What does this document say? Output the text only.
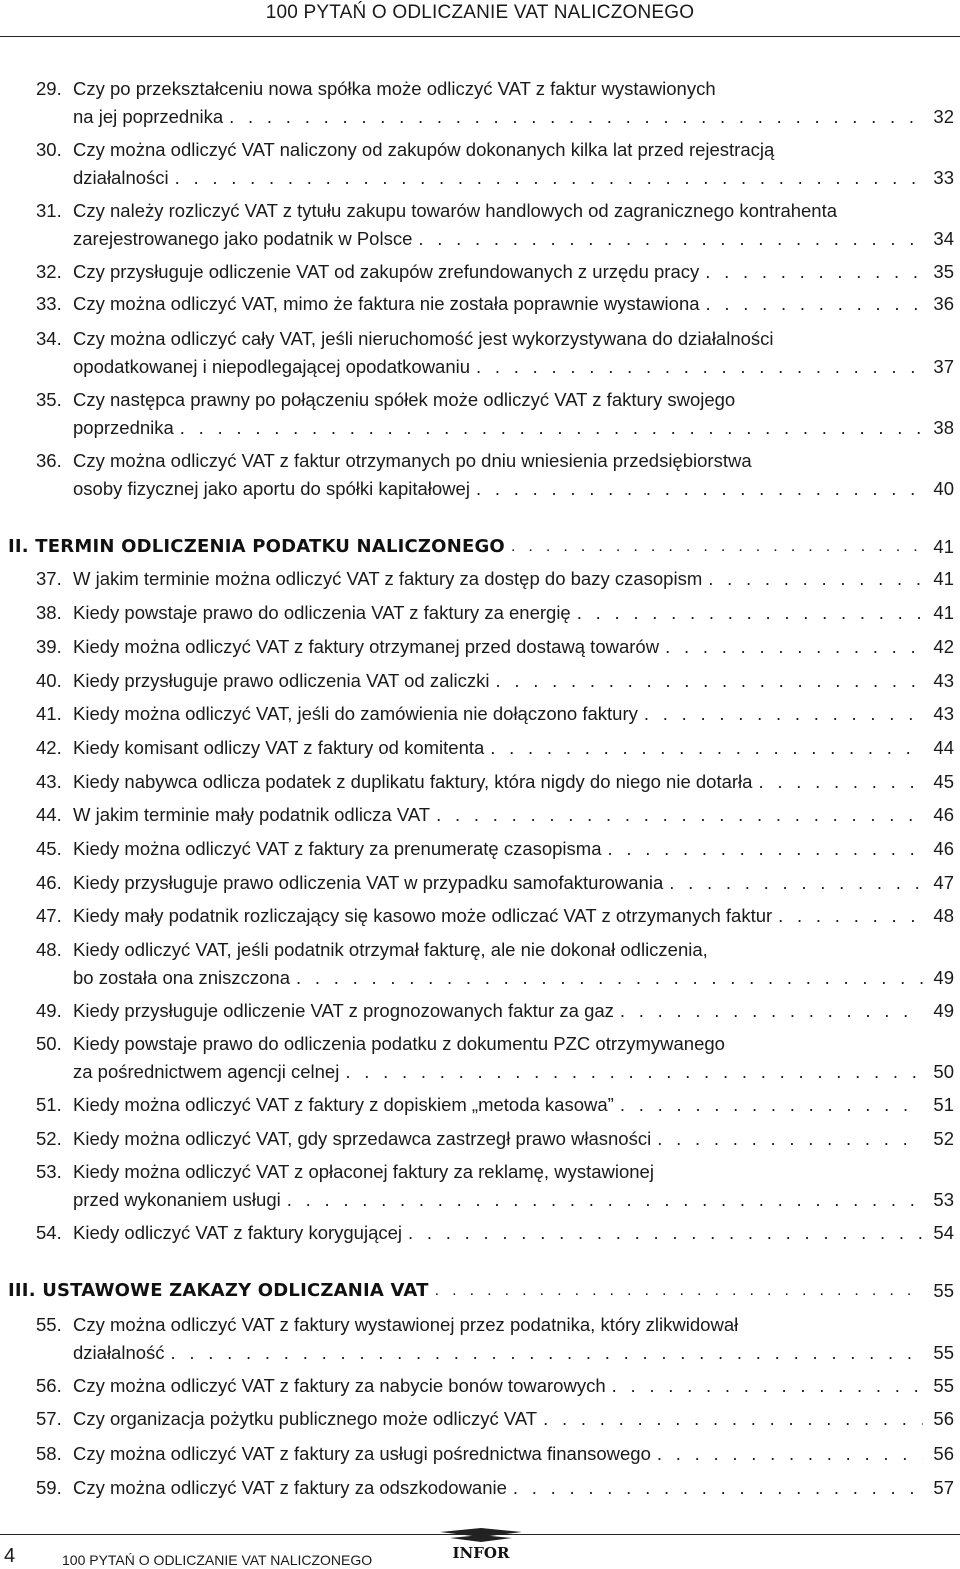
100 PYTAŃ O ODLICZANIE VAT NALICZONEGO
29. Czy po przekształceniu nowa spółka może odliczyć VAT z faktur wystawionych
na jej poprzednika . . .	32
30. Czy można odliczyć VAT naliczony od zakupów dokonanych kilka lat przed rejestracją
działalności . . .	33
31. Czy należy rozliczyć VAT z tytułu zakupu towarów handlowych od zagranicznego kontrahenta
zarejestrowanego jako podatnik w Polsce . . .	34
32. Czy przysługuje odliczenie VAT od zakupów zrefundowanych z urzędu pracy . . .	35
33. Czy można odliczyć VAT, mimo że faktura nie została poprawnie wystawiona . . .	36
34. Czy można odliczyć cały VAT, jeśli nieruchomość jest wykorzystywana do działalności
opodatkowanej i niepodlegającej opodatkowaniu . . .	37
35. Czy następca prawny po połączeniu spółek może odliczyć VAT z faktury swojego
poprzednika . . .	38
36. Czy można odliczyć VAT z faktur otrzymanych po dniu wniesienia przedsiębiorstwa
osoby fizycznej jako aportu do spółki kapitałowej . . .	40
II. TERMIN ODLICZENIA PODATKU NALICZONEGO . . .	41
37. W jakim terminie można odliczyć VAT z faktury za dostęp do bazy czasopism . . .	41
38. Kiedy powstaje prawo do odliczenia VAT z faktury za energię . . .	41
39. Kiedy można odliczyć VAT z faktury otrzymanej przed dostawą towarów . . .	42
40. Kiedy przysługuje prawo odliczenia VAT od zaliczki . . .	43
41. Kiedy można odliczyć VAT, jeśli do zamówienia nie dołączono faktury . . .	43
42. Kiedy komisant odliczy VAT z faktury od komitenta . . .	44
43. Kiedy nabywca odlicza podatek z duplikatu faktury, która nigdy do niego nie dotarła . . .	45
44. W jakim terminie mały podatnik odlicza VAT . . .	46
45. Kiedy można odliczyć VAT z faktury za prenumeratę czasopisma . . .	46
46. Kiedy przysługuje prawo odliczenia VAT w przypadku samofakturowania . . .	47
47. Kiedy mały podatnik rozliczający się kasowo może odliczać VAT z otrzymanych faktur . . .	48
48. Kiedy odliczyć VAT, jeśli podatnik otrzymał fakturę, ale nie dokonał odliczenia,
bo została ona zniszczona . . .	49
49. Kiedy przysługuje odliczenie VAT z prognozowanych faktur za gaz . . .	49
50. Kiedy powstaje prawo do odliczenia podatku z dokumentu PZC otrzymywanego
za pośrednictwem agencji celnej . . .	50
51. Kiedy można odliczyć VAT z faktury z dopiskiem „metoda kasowa” . . .	51
52. Kiedy można odliczyć VAT, gdy sprzedawca zastrzegł prawo własności . . .	52
53. Kiedy można odliczyć VAT z opłaconej faktury za reklamę, wystawionej
przed wykonaniem usługi . . .	53
54. Kiedy odliczyć VAT z faktury korygującej . . .	54
III. USTAWOWE ZAKAZY ODLICZANIA VAT . . .	55
55. Czy można odliczyć VAT z faktury wystawionej przez podatnika, który zlikwidował
działalność . . .	55
56. Czy można odliczyć VAT z faktury za nabycie bonów towarowych . . .	55
57. Czy organizacja pożytku publicznego może odliczyć VAT . . .	56
58. Czy można odliczyć VAT z faktury za usługi pośrednictwa finansowego . . .	56
59. Czy można odliczyć VAT z faktury za odszkodowanie . . .	57
4	100 PYTAŃ O ODLICZANIE VAT NALICZONEGO	INFOR
